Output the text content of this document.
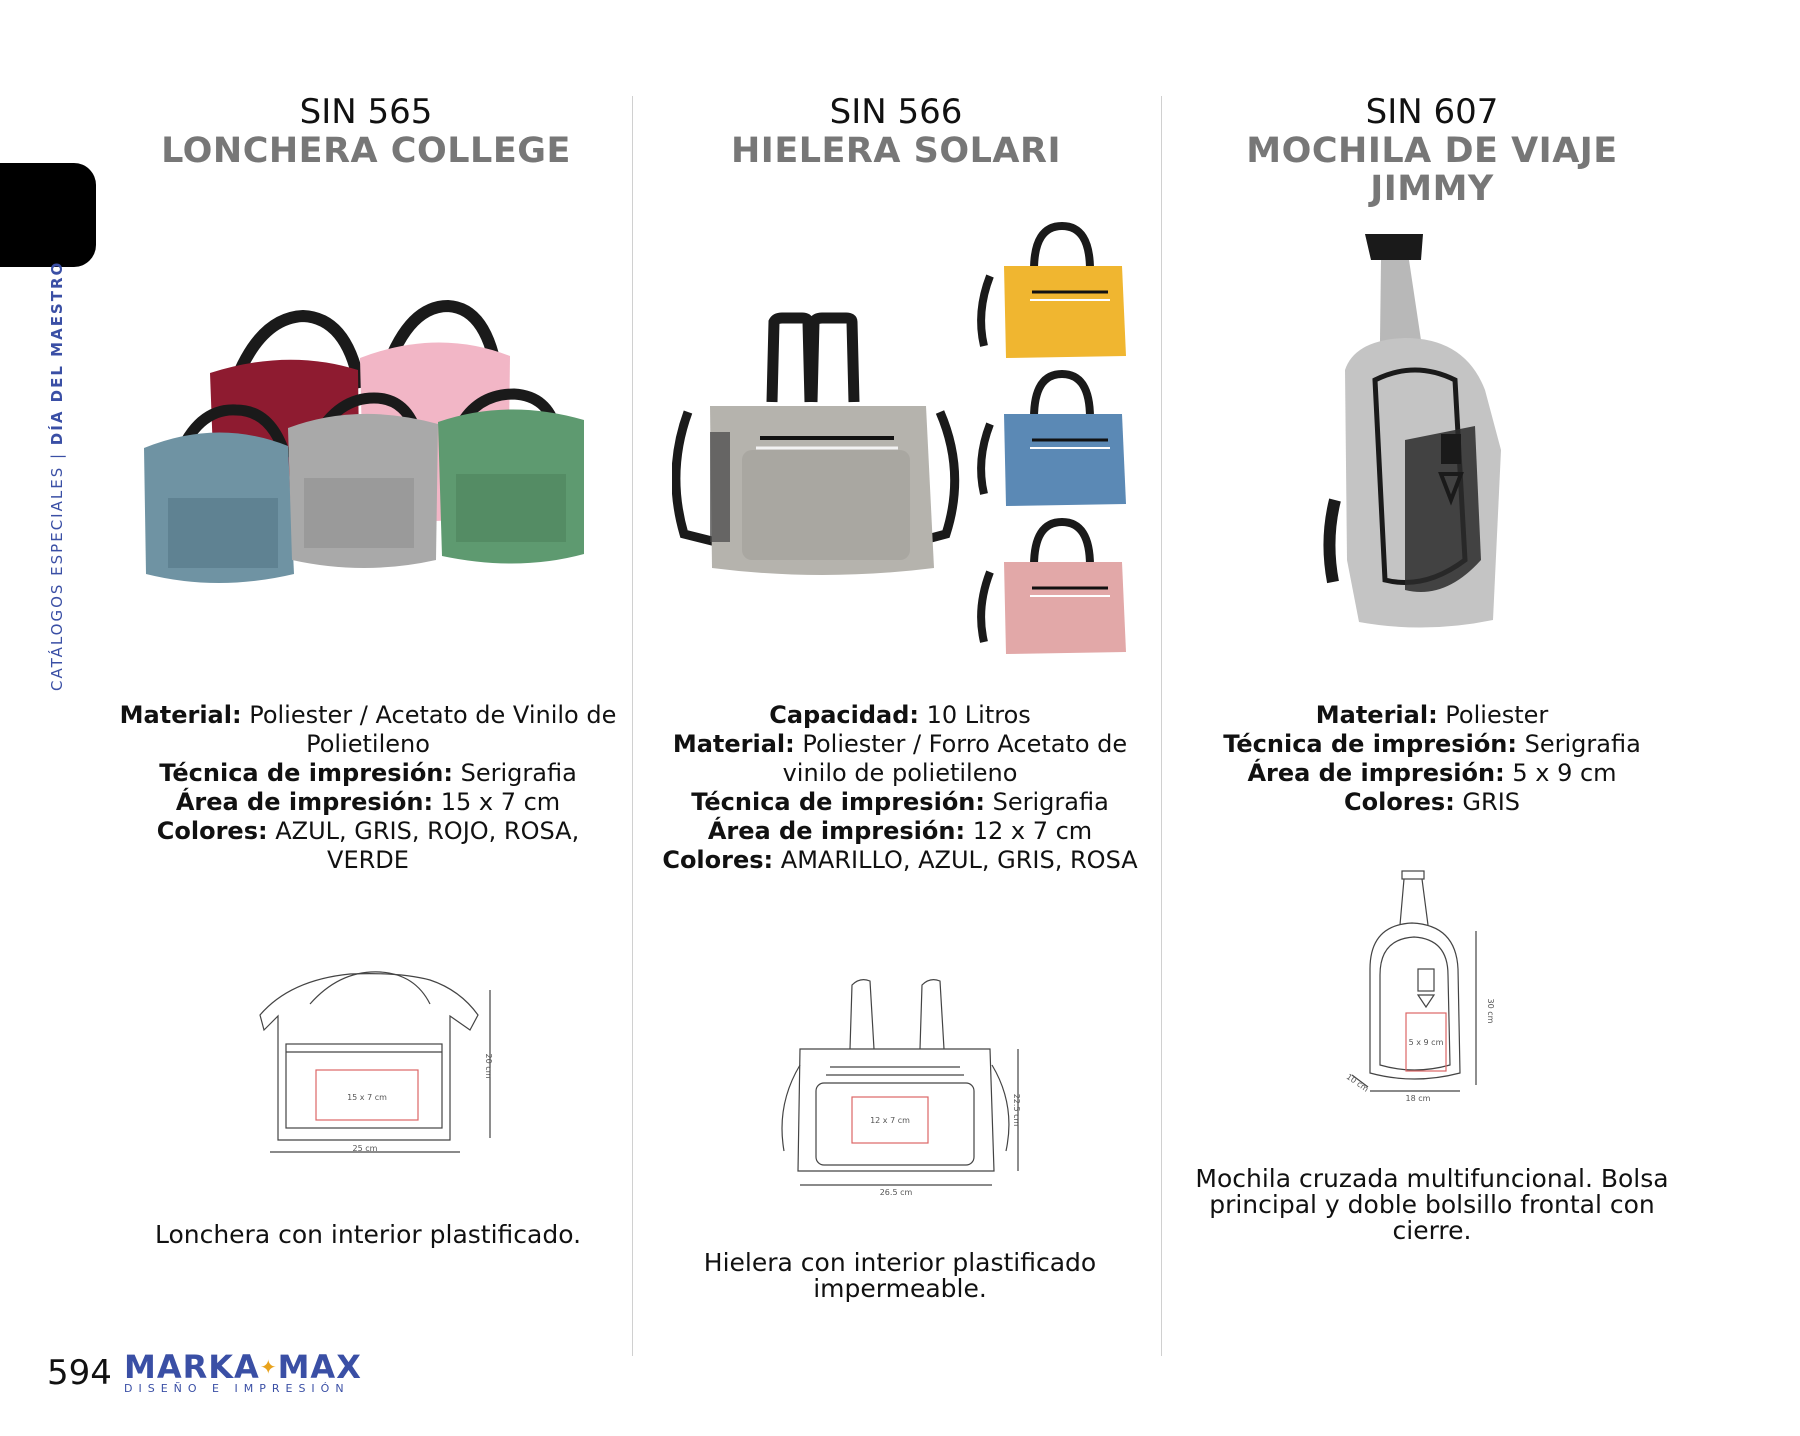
CATÁLOGOS ESPECIALES | DÍA DEL MAESTRO
SIN 565
LONCHERA COLLEGE
Material: Poliester / Acetato de Vinilo de Polietileno
Técnica de impresión: Serigrafia
Área de impresión: 15 x 7 cm
Colores: AZUL, GRIS, ROJO, ROSA, VERDE
15 x 7 cm
25 cm
20 cm
Lonchera con interior plastificado.
SIN 566
HIELERA SOLARI
Capacidad: 10 Litros
Material: Poliester / Forro Acetato de vinilo de polietileno
Técnica de impresión: Serigrafia
Área de impresión: 12 x 7 cm
Colores: AMARILLO, AZUL, GRIS, ROSA
12 x 7 cm
26.5 cm
22.5 cm
Hielera con interior plastificado impermeable.
SIN 607
MOCHILA DE VIAJE
JIMMY
Material: Poliester
Técnica de impresión: Serigrafia
Área de impresión: 5 x 9 cm
Colores: GRIS
5 x 9 cm
18 cm
30 cm
10 cm
Mochila cruzada multifuncional. Bolsa principal y doble bolsillo frontal con cierre.
594 MARKA✦MAX
DISEÑO E IMPRESIÓN
